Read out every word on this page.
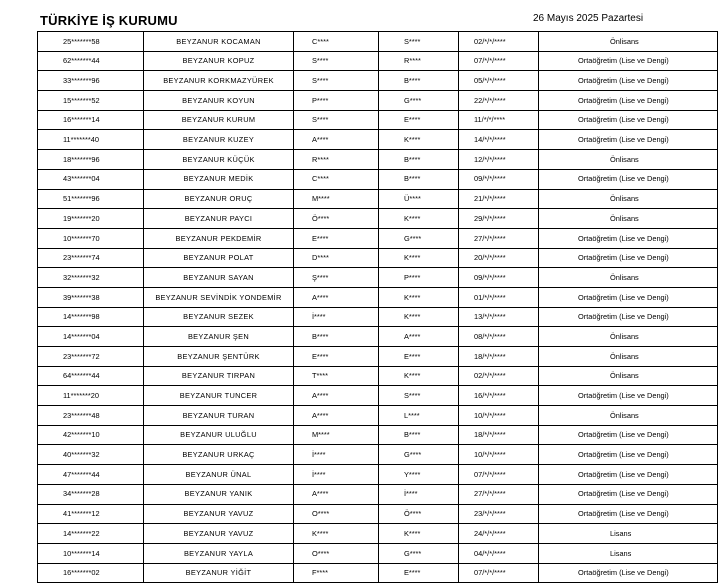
TÜRKİYE İŞ KURUMU	26 Mayıs 2025 Pazartesi
25*******58	BEYZANUR KOCAMAN	C****	S****	02/*/*/****	Önlisans

62*******44	BEYZANUR KOPUZ	S****	R****	07/*/*/****	Ortaöğretim (Lise ve Dengi)

33*******96	BEYZANUR KORKMAZYÜREK	S****	B****	05/*/*/****	Ortaöğretim (Lise ve Dengi)

15*******52	BEYZANUR KOYUN	P****	G****	22/*/*/****	Ortaöğretim (Lise ve Dengi)

16*******14	BEYZANUR KURUM	S****	E****	11/*/*/****	Ortaöğretim (Lise ve Dengi)

11*******40	BEYZANUR KUZEY	A****	K****	14/*/*/****	Ortaöğretim (Lise ve Dengi)

18*******96	BEYZANUR KÜÇÜK	R****	B****	12/*/*/****	Önlisans

43*******04	BEYZANUR MEDİK	C****	B****	09/*/*/****	Ortaöğretim (Lise ve Dengi)

51*******96	BEYZANUR ORUÇ	M****	Ü****	21/*/*/****	Önlisans

19*******20	BEYZANUR PAYCI	Ö****	K****	29/*/*/****	Önlisans

10*******70	BEYZANUR PEKDEMİR	E****	G****	27/*/*/****	Ortaöğretim (Lise ve Dengi)

23*******74	BEYZANUR POLAT	D****	K****	20/*/*/****	Ortaöğretim (Lise ve Dengi)

32*******32	BEYZANUR SAYAN	Ş****	P****	09/*/*/****	Önlisans

39*******38	BEYZANUR SEVİNDİK YONDEMİR	A****	K****	01/*/*/****	Ortaöğretim (Lise ve Dengi)

14*******98	BEYZANUR SEZEK	İ****	K****	13/*/*/****	Ortaöğretim (Lise ve Dengi)

14*******04	BEYZANUR ŞEN	B****	A****	08/*/*/****	Önlisans

23*******72	BEYZANUR ŞENTÜRK	E****	E****	18/*/*/****	Önlisans

64*******44	BEYZANUR TIRPAN	T****	K****	02/*/*/****	Önlisans

11*******20	BEYZANUR TUNCER	A****	S****	16/*/*/****	Ortaöğretim (Lise ve Dengi)

23*******48	BEYZANUR TURAN	A****	L****	10/*/*/****	Önlisans

42*******10	BEYZANUR ULUĞLU	M****	B****	18/*/*/****	Ortaöğretim (Lise ve Dengi)

40*******32	BEYZANUR URKAÇ	İ****	G****	10/*/*/****	Ortaöğretim (Lise ve Dengi)

47*******44	BEYZANUR ÜNAL	İ****	Y****	07/*/*/****	Ortaöğretim (Lise ve Dengi)

34*******28	BEYZANUR YANIK	A****	İ****	27/*/*/****	Ortaöğretim (Lise ve Dengi)

41*******12	BEYZANUR YAVUZ	O****	Ö****	23/*/*/****	Ortaöğretim (Lise ve Dengi)

14*******22	BEYZANUR YAVUZ	K****	K****	24/*/*/****	Lisans

10*******14	BEYZANUR YAYLA	O****	G****	04/*/*/****	Lisans

16*******02	BEYZANUR YİĞİT	F****	E****	07/*/*/****	Ortaöğretim (Lise ve Dengi)
